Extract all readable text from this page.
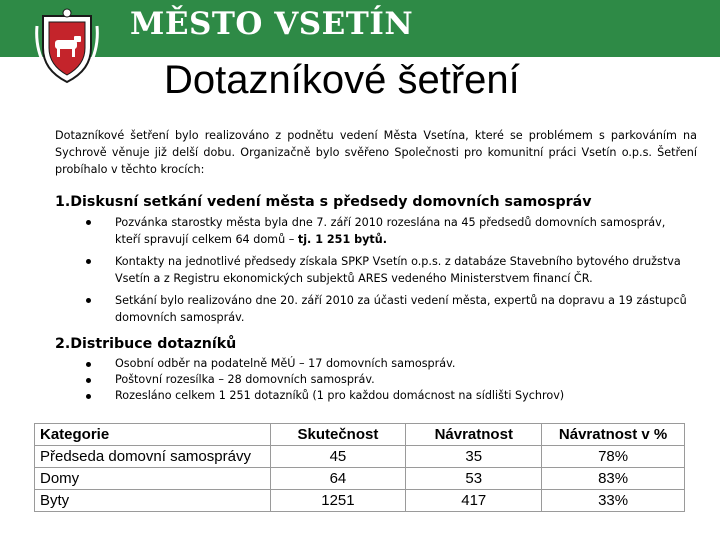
MĚSTO VSETÍN
Dotazníkové šetření
Dotazníkové šetření bylo realizováno z podnětu vedení Města Vsetína, které se problémem s parkováním na Sychrově věnuje již delší dobu. Organizačně bylo svěřeno Společnosti pro komunitní práci Vsetín o.p.s. Šetření probíhalo v těchto krocích:
1.Diskusní setkání vedení města s předsedy domovních samospráv
Pozvánka starostky města byla dne 7. září 2010 rozeslána na 45 předsedů domovních samospráv, kteří spravují celkem 64 domů – tj. 1 251 bytů.
Kontakty na jednotlivé předsedy získala SPKP Vsetín o.p.s. z databáze Stavebního bytového družstva Vsetín a z Registru ekonomických subjektů ARES vedeného Ministerstvem financí ČR.
Setkání bylo realizováno dne 20. září 2010 za účasti vedení města, expertů na dopravu a 19 zástupců domovních samospráv.
2.Distribuce dotazníků
Osobní odběr na podatelně MěÚ – 17 domovních samospráv.
Poštovní rozesílka – 28 domovních samospráv.
Rozesláno celkem 1 251 dotazníků (1 pro každou domácnost na sídlišti Sychrov)
Kategorie	Skutečnost	Návratnost	Návratnost v %
Předseda domovní samosprávy	45	35	78%
Domy	64	53	83%
Byty	1251	417	33%
